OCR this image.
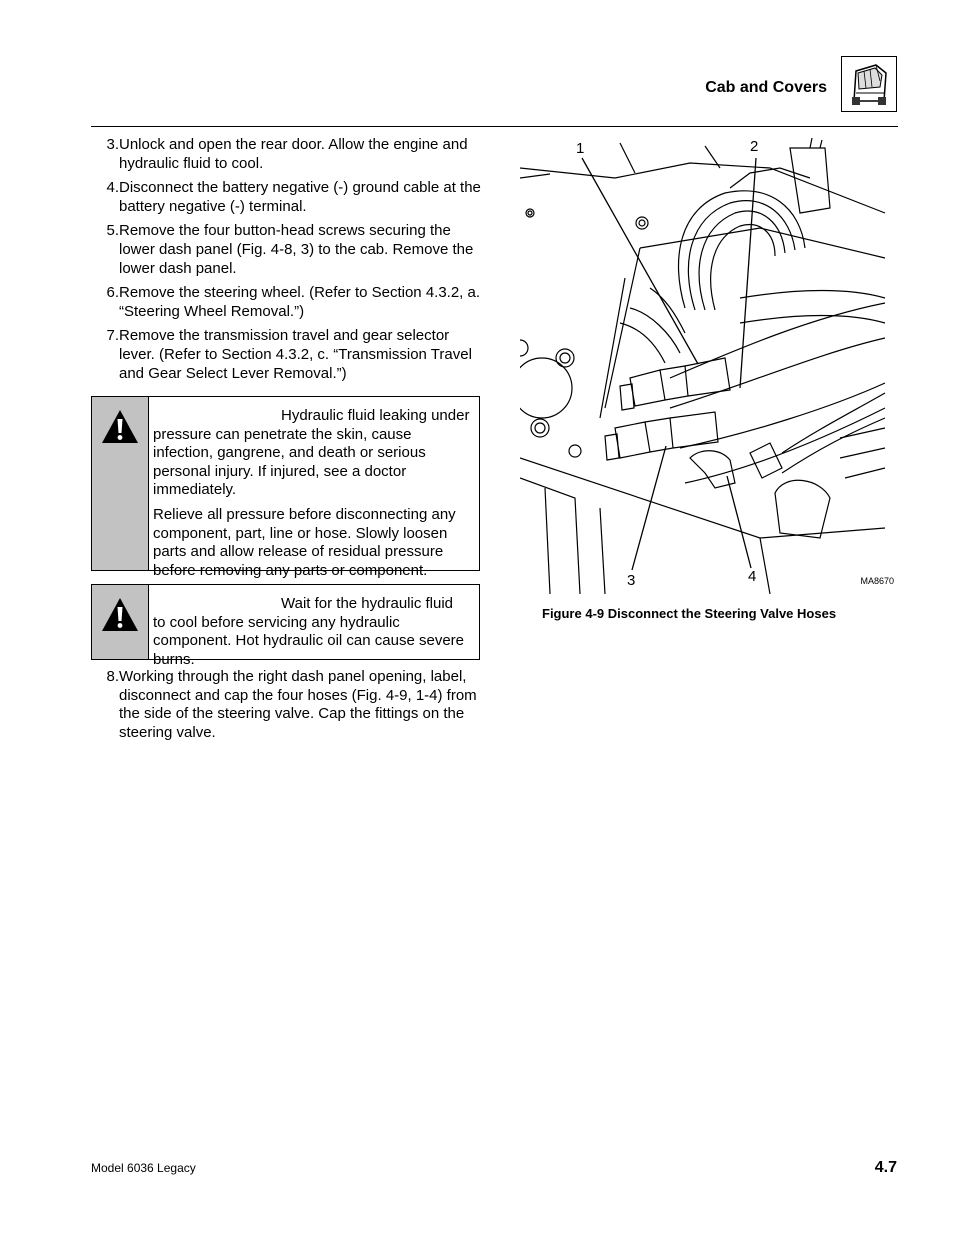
Cab and Covers
3. Unlock and open the rear door. Allow the engine and hydraulic fluid to cool.
4. Disconnect the battery negative (-) ground cable at the battery negative (-) terminal.
5. Remove the four button-head screws securing the lower dash panel (Fig. 4-8, 3) to the cab. Remove the lower dash panel.
6. Remove the steering wheel. (Refer to Section 4.3.2, a. “Steering Wheel Removal.”)
7. Remove the transmission travel and gear selector lever. (Refer to Section 4.3.2, c. “Transmission Travel and Gear Select Lever Removal.”)

Hydraulic fluid leaking under
pressure can penetrate the skin, cause infection, gangrene, and death or serious personal injury. If injured, see a doctor immediately.

Relieve all pressure before disconnecting any component, part, line or hose. Slowly loosen parts and allow release of residual pressure before removing any parts or component.

Wait for the hydraulic fluid
to cool before servicing any hydraulic component. Hot hydraulic oil can cause severe burns.

8. Working through the right dash panel opening, label, disconnect and cap the four hoses (Fig. 4-9, 1-4) from the side of the steering valve. Cap the fittings on the steering valve.
1	2
3	4	MA8670
Figure 4-9 Disconnect the Steering Valve Hoses
Model 6036 Legacy	4.7
